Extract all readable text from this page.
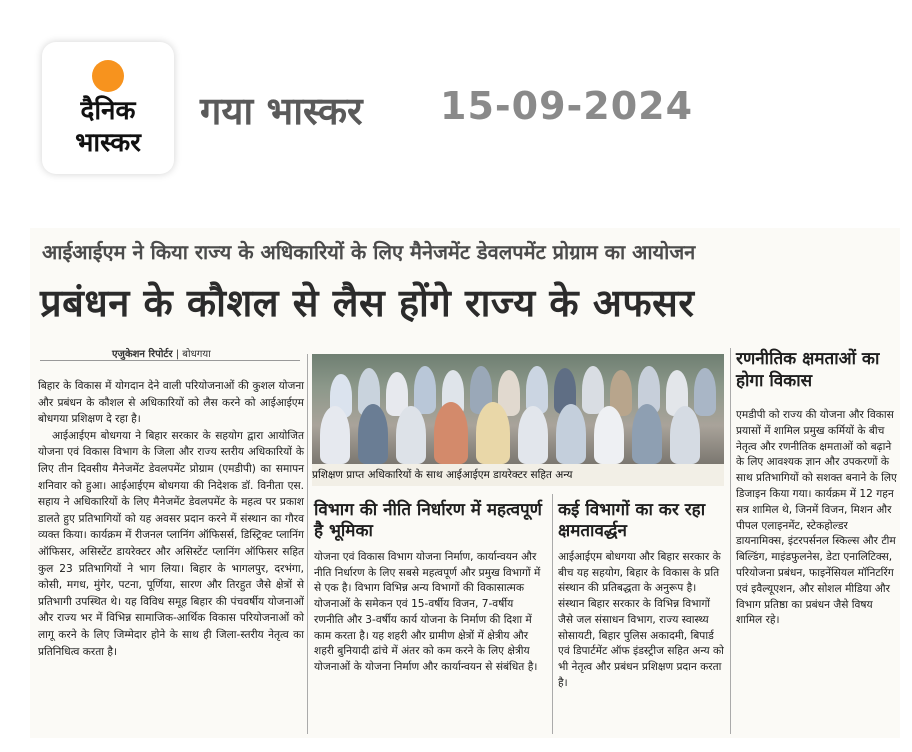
दैनिक
भास्कर
गया भास्कर 15-09-2024
आईआईएम ने किया राज्य के अधिकारियों के लिए मैनेजमेंट डेवलपमेंट प्रोग्राम का आयोजन
प्रबंधन के कौशल से लैस होंगे राज्य के अफसर
एजुकेशन रिपोर्टर | बोधगया

बिहार के विकास में योगदान देने वाली परियोजनाओं की कुशल योजना और प्रबंधन के कौशल से अधिकारियों को लैस करने को आईआईएम बोधगया प्रशिक्षण दे रहा है।

आईआईएम बोधगया ने बिहार सरकार के सहयोग द्वारा आयोजित योजना एवं विकास विभाग के जिला और राज्य स्तरीय अधिकारियों के लिए तीन दिवसीय मैनेजमेंट डेवलपमेंट प्रोग्राम (एमडीपी) का समापन शनिवार को हुआ। आईआईएम बोधगया की निदेशक डॉ. विनीता एस. सहाय ने अधिकारियों के लिए मैनेजमेंट डेवलपमेंट के महत्व पर प्रकाश डालते हुए प्रतिभागियों को यह अवसर प्रदान करने में संस्थान का गौरव व्यक्त किया। कार्यक्रम में रीजनल प्लानिंग ऑफिसर्स, डिस्ट्रिक्ट प्लानिंग ऑफिसर, असिस्टेंट डायरेक्टर और असिस्टेंट प्लानिंग ऑफिसर सहित कुल 23 प्रतिभागियों ने भाग लिया। बिहार के भागलपुर, दरभंगा, कोसी, मगध, मुंगेर, पटना, पूर्णिया, सारण और तिरहुत जैसे क्षेत्रों से प्रतिभागी उपस्थित थे। यह विविध समूह बिहार की पंचवर्षीय योजनाओं और राज्य भर में विभिन्न सामाजिक-आर्थिक विकास परियोजनाओं को लागू करने के लिए जिम्मेदार होने के साथ ही जिला-स्तरीय नेतृत्व का प्रतिनिधित्व करता है।

प्रशिक्षण प्राप्त अधिकारियों के साथ आईआईएम डायरेक्टर सहित अन्य
विभाग की नीति निर्धारण में महत्वपूर्ण है भूमिका
योजना एवं विकास विभाग योजना निर्माण, कार्यान्वयन और नीति निर्धारण के लिए सबसे महत्वपूर्ण और प्रमुख विभागों में से एक है। विभाग विभिन्न अन्य विभागों की विकासात्मक योजनाओं के समेकन एवं 15-वर्षीय विजन, 7-वर्षीय रणनीति और 3-वर्षीय कार्य योजना के निर्माण की दिशा में काम करता है। यह शहरी और ग्रामीण क्षेत्रों में क्षेत्रीय और शहरी बुनियादी ढांचे में अंतर को कम करने के लिए क्षेत्रीय योजनाओं के योजना निर्माण और कार्यान्वयन से संबंधित है।
कई विभागों का कर रहा क्षमतावर्द्धन
आईआईएम बोधगया और बिहार सरकार के बीच यह सहयोग, बिहार के विकास के प्रति संस्थान की प्रतिबद्धता के अनुरूप है। संस्थान बिहार सरकार के विभिन्न विभागों जैसे जल संसाधन विभाग, राज्य स्वास्थ्य सोसायटी, बिहार पुलिस अकादमी, बिपार्ड एवं डिपार्टमेंट ऑफ इंडस्ट्रीज सहित अन्य को भी नेतृत्व और प्रबंधन प्रशिक्षण प्रदान करता है।
रणनीतिक क्षमताओं का होगा विकास
एमडीपी को राज्य की योजना और विकास प्रयासों में शामिल प्रमुख कर्मियों के बीच नेतृत्व और रणनीतिक क्षमताओं को बढ़ाने के लिए आवश्यक ज्ञान और उपकरणों के साथ प्रतिभागियों को सशक्त बनाने के लिए डिजाइन किया गया। कार्यक्रम में 12 गहन सत्र शामिल थे, जिनमें विजन, मिशन और पीपल एलाइनमेंट, स्टेकहोल्डर डायनामिक्स, इंटरपर्सनल स्किल्स और टीम बिल्डिंग, माइंडफुलनेस, डेटा एनालिटिक्स, परियोजना प्रबंधन, फाइनेंसियल मॉनिटरिंग एवं इवैल्यूएशन, और सोशल मीडिया और विभाग प्रतिष्ठा का प्रबंधन जैसे विषय शामिल रहे।
